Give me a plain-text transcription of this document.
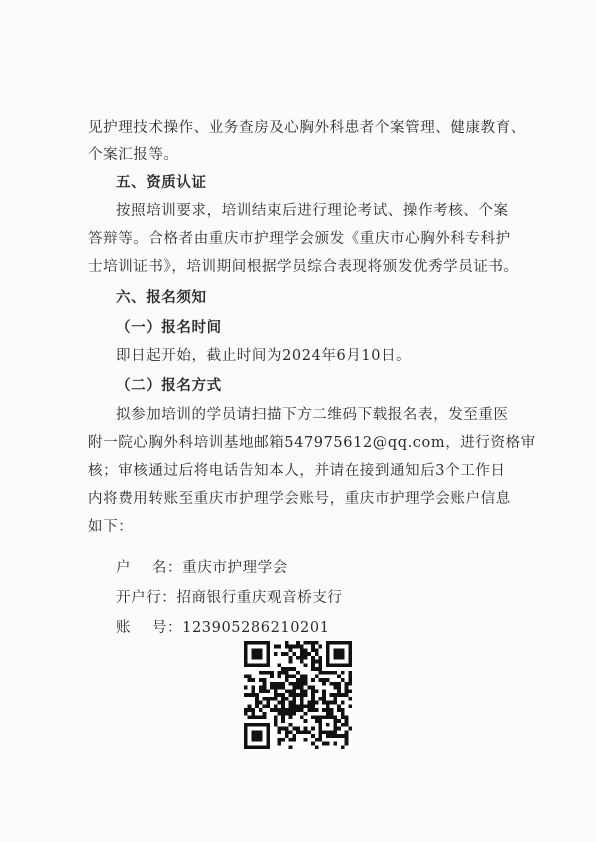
见护理技术操作、业务查房及心胸外科患者个案管理、健康教育、
个案汇报等。
五、资质认证
按照培训要求，培训结束后进行理论考试、操作考核、个案
答辩等。合格者由重庆市护理学会颁发《重庆市心胸外科专科护
士培训证书》，培训期间根据学员综合表现将颁发优秀学员证书。
六、报名须知
（一）报名时间
即日起开始，截止时间为2024年6月10日。
（二）报名方式
拟参加培训的学员请扫描下方二维码下载报名表，发至重医
附一院心胸外科培训基地邮箱547975612@qq.com，进行资格审
核；审核通过后将电话告知本人，并请在接到通知后3个工作日
内将费用转账至重庆市护理学会账号，重庆市护理学会账户信息
如下：
户    名：重庆市护理学会
开户行：招商银行重庆观音桥支行
账    号：123905286210201
